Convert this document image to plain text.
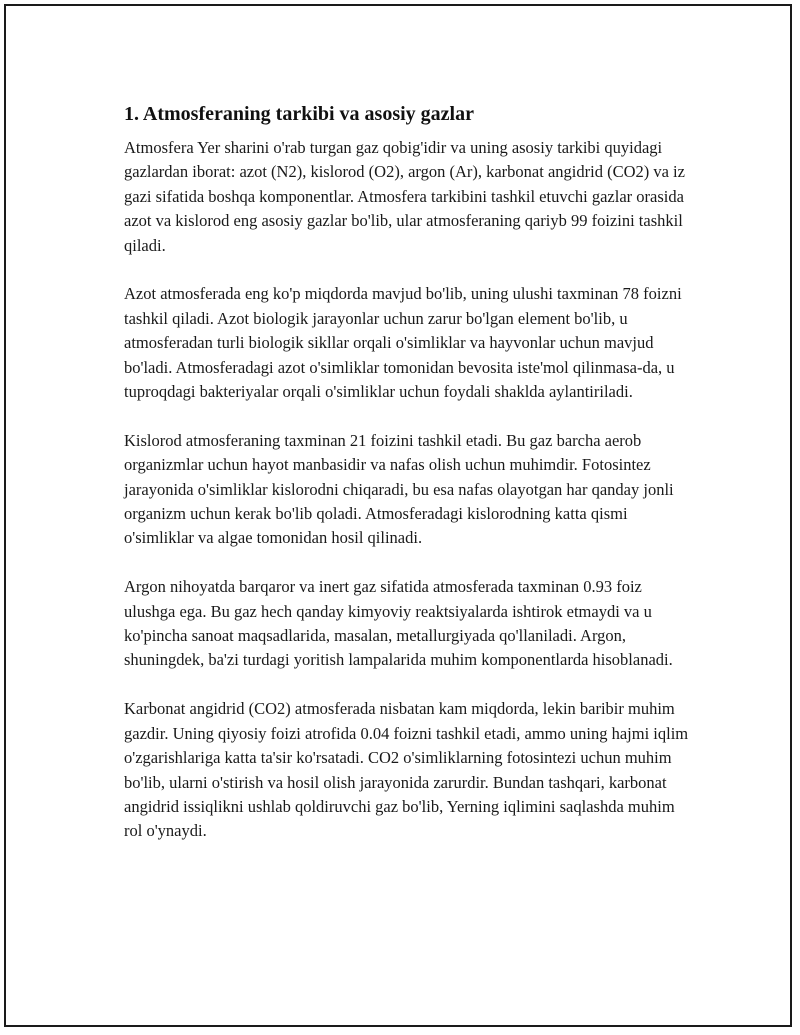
1. Atmosferaning tarkibi va asosiy gazlar

Atmosfera Yer sharini o'rab turgan gaz qobig'idir va uning asosiy tarkibi quyidagi gazlardan iborat: azot (N2), kislorod (O2), argon (Ar), karbonat angidrid (CO2) va iz gazi sifatida boshqa komponentlar. Atmosfera tarkibini tashkil etuvchi gazlar orasida azot va kislorod eng asosiy gazlar bo'lib, ular atmosferaning qariyb 99 foizini tashkil qiladi.

Azot atmosferada eng ko'p miqdorda mavjud bo'lib, uning ulushi taxminan 78 foizni tashkil qiladi. Azot biologik jarayonlar uchun zarur bo'lgan element bo'lib, u atmosferadan turli biologik sikllar orqali o'simliklar va hayvonlar uchun mavjud bo'ladi. Atmosferadagi azot o'simliklar tomonidan bevosita iste'mol qilinmasa-da, u tuproqdagi bakteriyalar orqali o'simliklar uchun foydali shaklda aylantiriladi.

Kislorod atmosferaning taxminan 21 foizini tashkil etadi. Bu gaz barcha aerob organizmlar uchun hayot manbasidir va nafas olish uchun muhimdir. Fotosintez jarayonida o'simliklar kislorodni chiqaradi, bu esa nafas olayotgan har qanday jonli organizm uchun kerak bo'lib qoladi. Atmosferadagi kislorodning katta qismi o'simliklar va algae tomonidan hosil qilinadi.

Argon nihoyatda barqaror va inert gaz sifatida atmosferada taxminan 0.93 foiz ulushga ega. Bu gaz hech qanday kimyoviy reaktsiyalarda ishtirok etmaydi va u ko'pincha sanoat maqsadlarida, masalan, metallurgiyada qo'llaniladi. Argon, shuningdek, ba'zi turdagi yoritish lampalarida muhim komponentlarda hisoblanadi.

Karbonat angidrid (CO2) atmosferada nisbatan kam miqdorda, lekin baribir muhim gazdir. Uning qiyosiy foizi atrofida 0.04 foizni tashkil etadi, ammo uning hajmi iqlim o'zgarishlariga katta ta'sir ko'rsatadi. CO2 o'simliklarning fotosintezi uchun muhim bo'lib, ularni o'stirish va hosil olish jarayonida zarurdir. Bundan tashqari, karbonat angidrid issiqlikni ushlab qoldiruvchi gaz bo'lib, Yerning iqlimini saqlashda muhim rol o'ynaydi.
